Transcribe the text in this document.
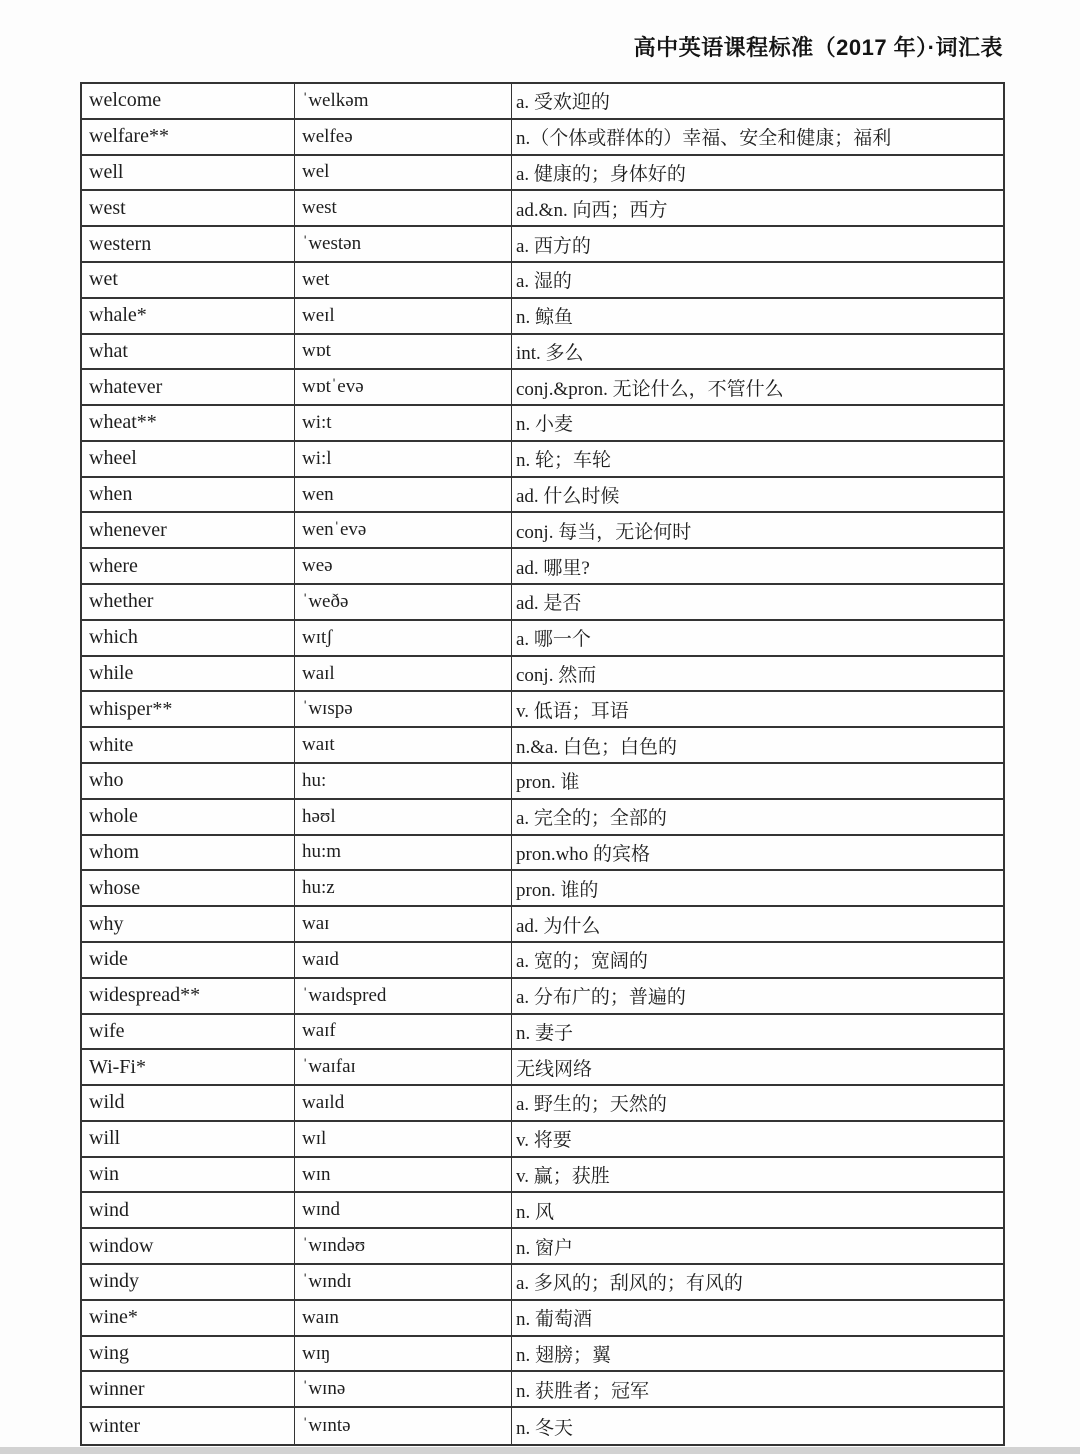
高中英语课程标准（2017 年）·词汇表
welcome	ˈwelkəm	a. 受欢迎的
welfare**	welfeə	n.（个体或群体的）幸福、安全和健康；福利
well	wel	a. 健康的；身体好的
west	west	ad.&n. 向西；西方
western	ˈwestən	a. 西方的
wet	wet	a. 湿的
whale*	weɪl	n. 鲸鱼
what	wɒt	int. 多么
whatever	wɒtˈevə	conj.&pron. 无论什么，不管什么
wheat**	wi:t	n. 小麦
wheel	wi:l	n. 轮；车轮
when	wen	ad. 什么时候
whenever	wenˈevə	conj. 每当，无论何时
where	weə	ad. 哪里?
whether	ˈweðə	ad. 是否
which	wɪtʃ	a. 哪一个
while	waɪl	conj. 然而
whisper**	ˈwɪspə	v. 低语；耳语
white	waɪt	n.&a. 白色；白色的
who	hu:	pron. 谁
whole	həʊl	a. 完全的；全部的
whom	hu:m	pron.who 的宾格
whose	hu:z	pron. 谁的
why	waɪ	ad. 为什么
wide	waɪd	a. 宽的；宽阔的
widespread**	ˈwaɪdspred	a. 分布广的；普遍的
wife	waɪf	n. 妻子
Wi-Fi*	ˈwaɪfaɪ	无线网络
wild	waɪld	a. 野生的；天然的
will	wɪl	v. 将要
win	wɪn	v. 赢；获胜
wind	wɪnd	n. 风
window	ˈwɪndəʊ	n. 窗户
windy	ˈwɪndɪ	a. 多风的；刮风的；有风的
wine*	waɪn	n. 葡萄酒
wing	wɪŋ	n. 翅膀；翼
winner	ˈwɪnə	n. 获胜者；冠军
winter	ˈwɪntə	n. 冬天
